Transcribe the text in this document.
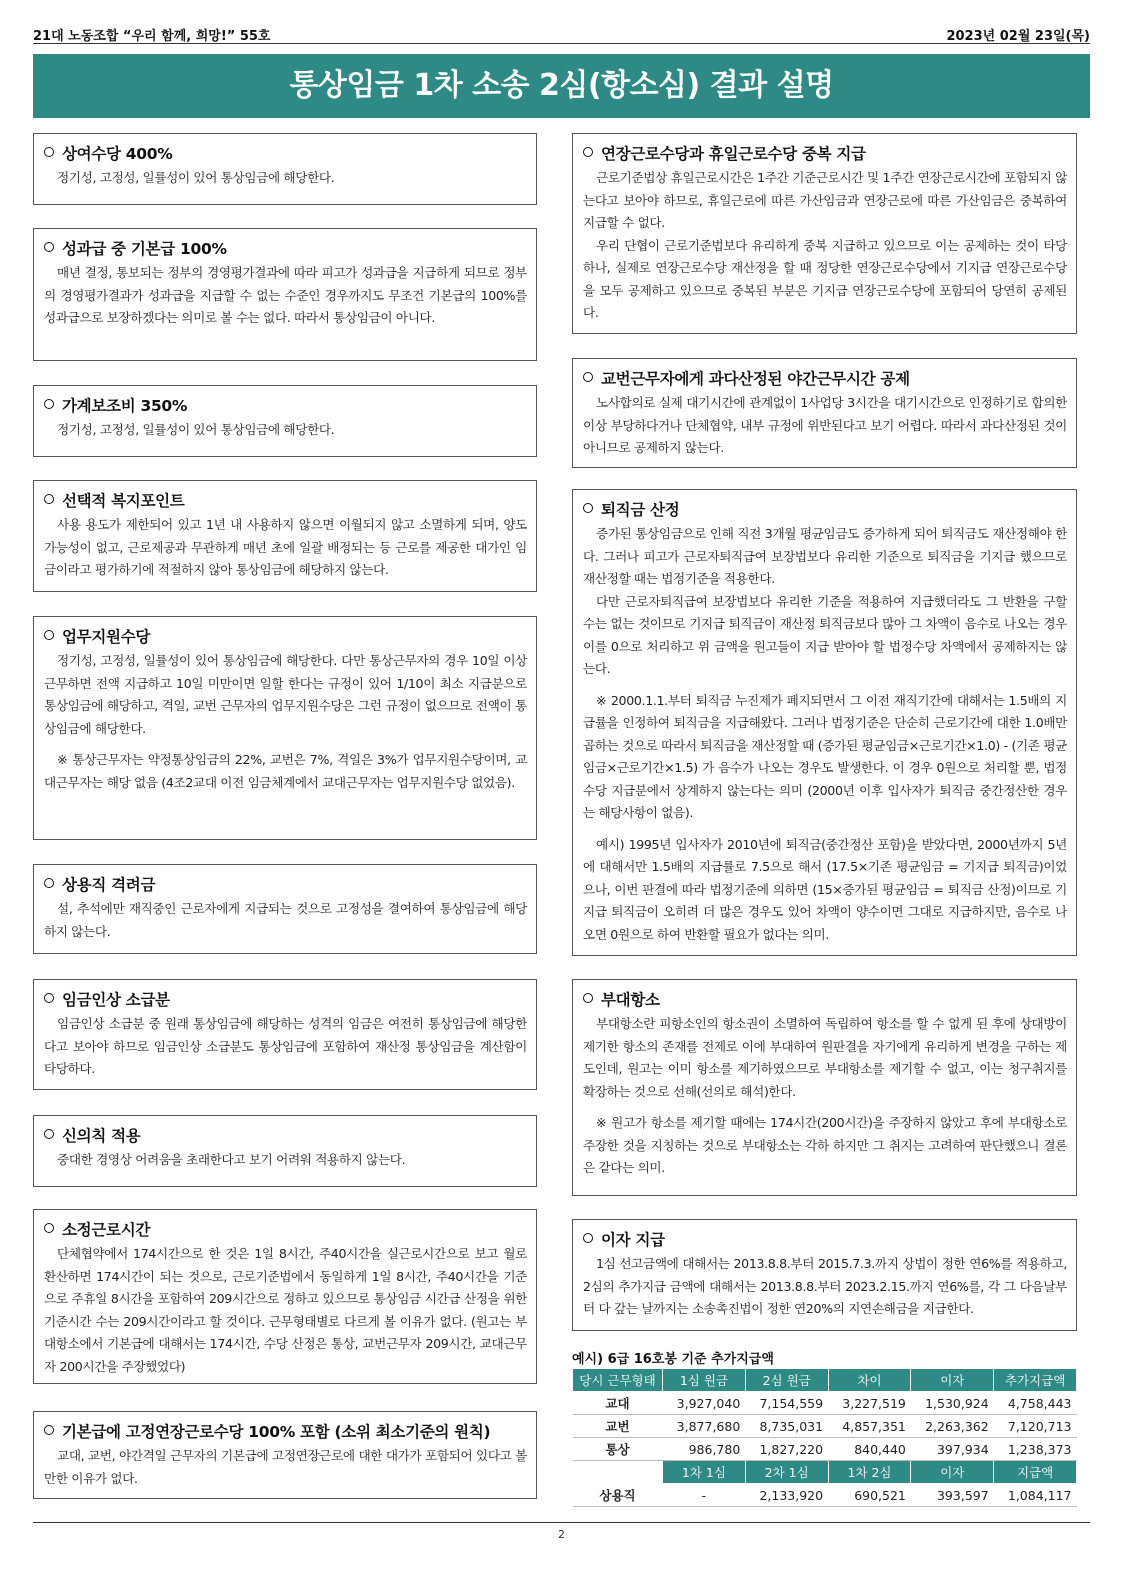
21대 노동조합 “우리 함께, 희망!” 55호	2023년 02월 23일(목)
통상임금 1차 소송 2심(항소심) 결과 설명
상여수당 400%

정기성, 고정성, 일률성이 있어 통상임금에 해당한다.

성과급 중 기본급 100%

매년 결정, 통보되는 정부의 경영평가결과에 따라 피고가 성과급을 지급하게 되므로 정부의 경영평가결과가 성과급을 지급할 수 없는 수준인 경우까지도 무조건 기본급의 100%를 성과급으로 보장하겠다는 의미로 볼 수는 없다. 따라서 통상임금이 아니다.

가계보조비 350%

정기성, 고정성, 일률성이 있어 통상임금에 해당한다.

선택적 복지포인트

사용 용도가 제한되어 있고 1년 내 사용하지 않으면 이월되지 않고 소멸하게 되며, 양도 가능성이 없고, 근로제공과 무관하게 매년 초에 일괄 배정되는 등 근로를 제공한 대가인 임금이라고 평가하기에 적절하지 않아 통상임금에 해당하지 않는다.

업무지원수당

정기성, 고정성, 일률성이 있어 통상임금에 해당한다. 다만 통상근무자의 경우 10일 이상 근무하면 전액 지급하고 10일 미만이면 일할 한다는 규정이 있어 1/10이 최소 지급분으로 통상임금에 해당하고, 격일, 교번 근무자의 업무지원수당은 그런 규정이 없으므로 전액이 통상임금에 해당한다.

※ 통상근무자는 약정통상임금의 22%, 교번은 7%, 격일은 3%가 업무지원수당이며, 교대근무자는 해당 없음 (4조2교대 이전 임금체계에서 교대근무자는 업무지원수당 없었음).

상용직 격려금

설, 추석에만 재직중인 근로자에게 지급되는 것으로 고정성을 결여하여 통상임금에 해당하지 않는다.

임금인상 소급분

임금인상 소급분 중 원래 통상임금에 해당하는 성격의 임금은 여전히 통상임금에 해당한다고 보아야 하므로 임금인상 소급분도 통상임금에 포함하여 재산정 통상임금을 계산함이 타당하다.

신의칙 적용

중대한 경영상 어려움을 초래한다고 보기 어려워 적용하지 않는다.

소정근로시간

단체협약에서 174시간으로 한 것은 1일 8시간, 주40시간을 실근로시간으로 보고 월로 환산하면 174시간이 되는 것으로, 근로기준법에서 동일하게 1일 8시간, 주40시간을 기준으로 주휴일 8시간을 포함하여 209시간으로 정하고 있으므로 통상임금 시간급 산정을 위한 기준시간 수는 209시간이라고 할 것이다. 근무형태별로 다르게 볼 이유가 없다. (원고는 부대항소에서 기본급에 대해서는 174시간, 수당 산정은 통상, 교번근무자 209시간, 교대근무자 200시간을 주장했었다)

기본급에 고정연장근로수당 100% 포함 (소위 최소기준의 원칙)

교대, 교번, 야간격일 근무자의 기본급에 고정연장근로에 대한 대가가 포함되어 있다고 볼만한 이유가 없다.

연장근로수당과 휴일근로수당 중복 지급

근로기준법상 휴일근로시간은 1주간 기준근로시간 및 1주간 연장근로시간에 포함되지 않는다고 보아야 하므로, 휴일근로에 따른 가산임금과 연장근로에 따른 가산임금은 중복하여 지급할 수 없다.

우리 단협이 근로기준법보다 유리하게 중복 지급하고 있으므로 이는 공제하는 것이 타당하나, 실제로 연장근로수당 재산정을 할 때 정당한 연장근로수당에서 기지급 연장근로수당을 모두 공제하고 있으므로 중복된 부분은 기지급 연장근로수당에 포함되어 당연히 공제된다.

교번근무자에게 과다산정된 야간근무시간 공제

노사합의로 실제 대기시간에 관계없이 1사업당 3시간을 대기시간으로 인정하기로 합의한 이상 부당하다거나 단체협약, 내부 규정에 위반된다고 보기 어렵다. 따라서 과다산정된 것이 아니므로 공제하지 않는다.

퇴직금 산정

증가된 통상임금으로 인해 직전 3개월 평균임금도 증가하게 되어 퇴직금도 재산정해야 한다. 그러나 피고가 근로자퇴직급여 보장법보다 유리한 기준으로 퇴직금을 기지급 했으므로 재산정할 때는 법정기준을 적용한다.

다만 근로자퇴직급여 보장법보다 유리한 기준을 적용하여 지급했더라도 그 반환을 구할 수는 없는 것이므로 기지급 퇴직금이 재산정 퇴직금보다 많아 그 차액이 음수로 나오는 경우 이를 0으로 처리하고 위 금액을 원고들이 지급 받아야 할 법정수당 차액에서 공제하지는 않는다.

※ 2000.1.1.부터 퇴직금 누진제가 폐지되면서 그 이전 재직기간에 대해서는 1.5배의 지급률을 인정하여 퇴직금을 지급해왔다. 그러나 법정기준은 단순히 근로기간에 대한 1.0배만 곱하는 것으로 따라서 퇴직금을 재산정할 때 (증가된 평균임금×근로기간×1.0) - (기존 평균임금×근로기간×1.5) 가 음수가 나오는 경우도 발생한다. 이 경우 0원으로 처리할 뿐, 법정수당 지급분에서 상계하지 않는다는 의미 (2000년 이후 입사자가 퇴직금 중간정산한 경우는 해당사항이 없음).

예시) 1995년 입사자가 2010년에 퇴직금(중간정산 포함)을 받았다면, 2000년까지 5년에 대해서만 1.5배의 지급률로 7.5으로 해서 (17.5×기존 평균임금 = 기지급 퇴직금)이었으나, 이번 판결에 따라 법정기준에 의하면 (15×증가된 평균임금 = 퇴직금 산정)이므로 기지급 퇴직금이 오히려 더 많은 경우도 있어 차액이 양수이면 그대로 지급하지만, 음수로 나오면 0원으로 하여 반환할 필요가 없다는 의미.

부대항소

부대항소란 피항소인의 항소권이 소멸하여 독립하여 항소를 할 수 없게 된 후에 상대방이 제기한 항소의 존재를 전제로 이에 부대하여 원판결을 자기에게 유리하게 변경을 구하는 제도인데, 원고는 이미 항소를 제기하였으므로 부대항소를 제기할 수 없고, 이는 청구취지를 확장하는 것으로 선해(선의로 해석)한다.

※ 원고가 항소를 제기할 때에는 174시간(200시간)을 주장하지 않았고 후에 부대항소로 주장한 것을 지칭하는 것으로 부대항소는 각하 하지만 그 취지는 고려하여 판단했으니 결론은 같다는 의미.

이자 지급

1심 선고금액에 대해서는 2013.8.8.부터 2015.7.3.까지 상법이 정한 연6%를 적용하고, 2심의 추가지급 금액에 대해서는 2013.8.8.부터 2023.2.15.까지 연6%를, 각 그 다음날부터 다 갚는 날까지는 소송촉진법이 정한 연20%의 지연손해금을 지급한다.

예시) 6급 16호봉 기준 추가지급액
당시 근무형태	1심 원금	2심 원금	차이	이자	추가지급액
교대	3,927,040	7,154,559	3,227,519	1,530,924	4,758,443
교번	3,877,680	8,735,031	4,857,351	2,263,362	7,120,713
통상	986,780	1,827,220	840,440	397,934	1,238,373
	1차 1심	2차 1심	1차 2심	이자	지급액
상용직	-	2,133,920	690,521	393,597	1,084,117
2
